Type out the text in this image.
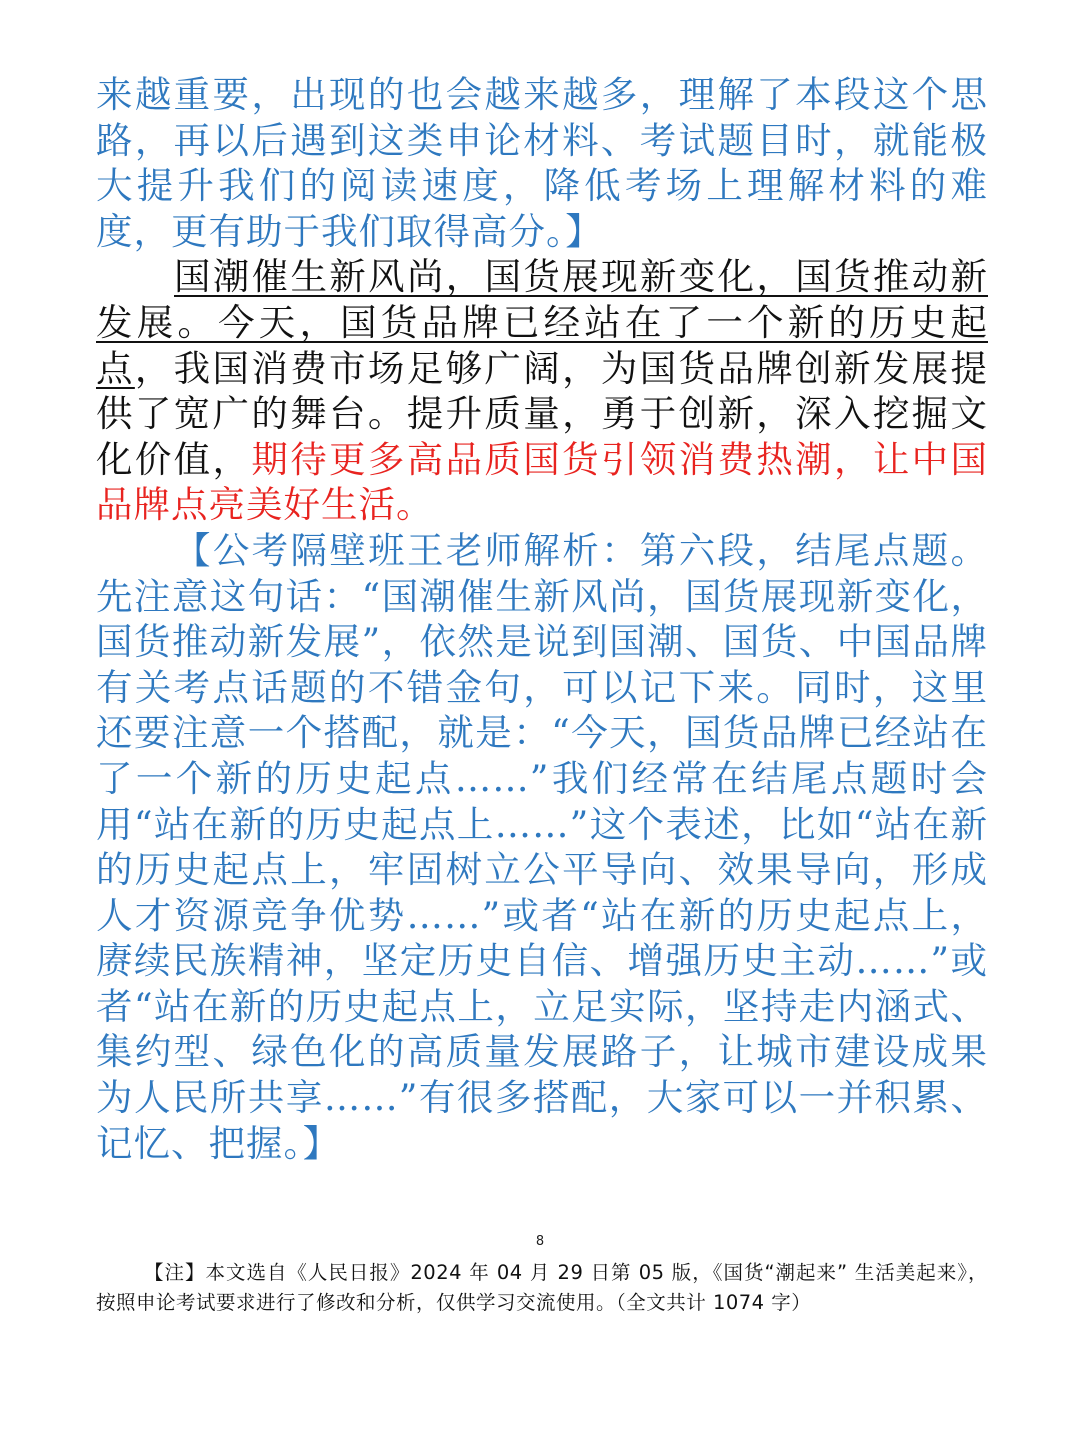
来越重要，出现的也会越来越多，理解了本段这个思路，再以后遇到这类申论材料、考试题目时，就能极大提升我们的阅读速度，降低考场上理解材料的难度，更有助于我们取得高分。】

国潮催生新风尚，国货展现新变化，国货推动新发展。今天，国货品牌已经站在了一个新的历史起点，我国消费市场足够广阔，为国货品牌创新发展提供了宽广的舞台。提升质量，勇于创新，深入挖掘文化价值，期待更多高品质国货引领消费热潮，让中国品牌点亮美好生活。

【公考隔壁班王老师解析：第六段，结尾点题。先注意这句话：“国潮催生新风尚，国货展现新变化，国货推动新发展”，依然是说到国潮、国货、中国品牌有关考点话题的不错金句，可以记下来。同时，这里还要注意一个搭配，就是：“今天，国货品牌已经站在了一个新的历史起点……”我们经常在结尾点题时会用“站在新的历史起点上……”这个表述，比如“站在新的历史起点上，牢固树立公平导向、效果导向，形成人才资源竞争优势……”或者“站在新的历史起点上，赓续民族精神，坚定历史自信、增强历史主动……”或者“站在新的历史起点上，立足实际，坚持走内涵式、集约型、绿色化的高质量发展路子，让城市建设成果为人民所共享……”有很多搭配，大家可以一并积累、记忆、把握。】

8

【注】本文选自《人民日报》2024 年 04 月 29 日第 05 版，《国货“潮起来” 生活美起来》，按照申论考试要求进行了修改和分析，仅供学习交流使用。（全文共计 1074 字）
